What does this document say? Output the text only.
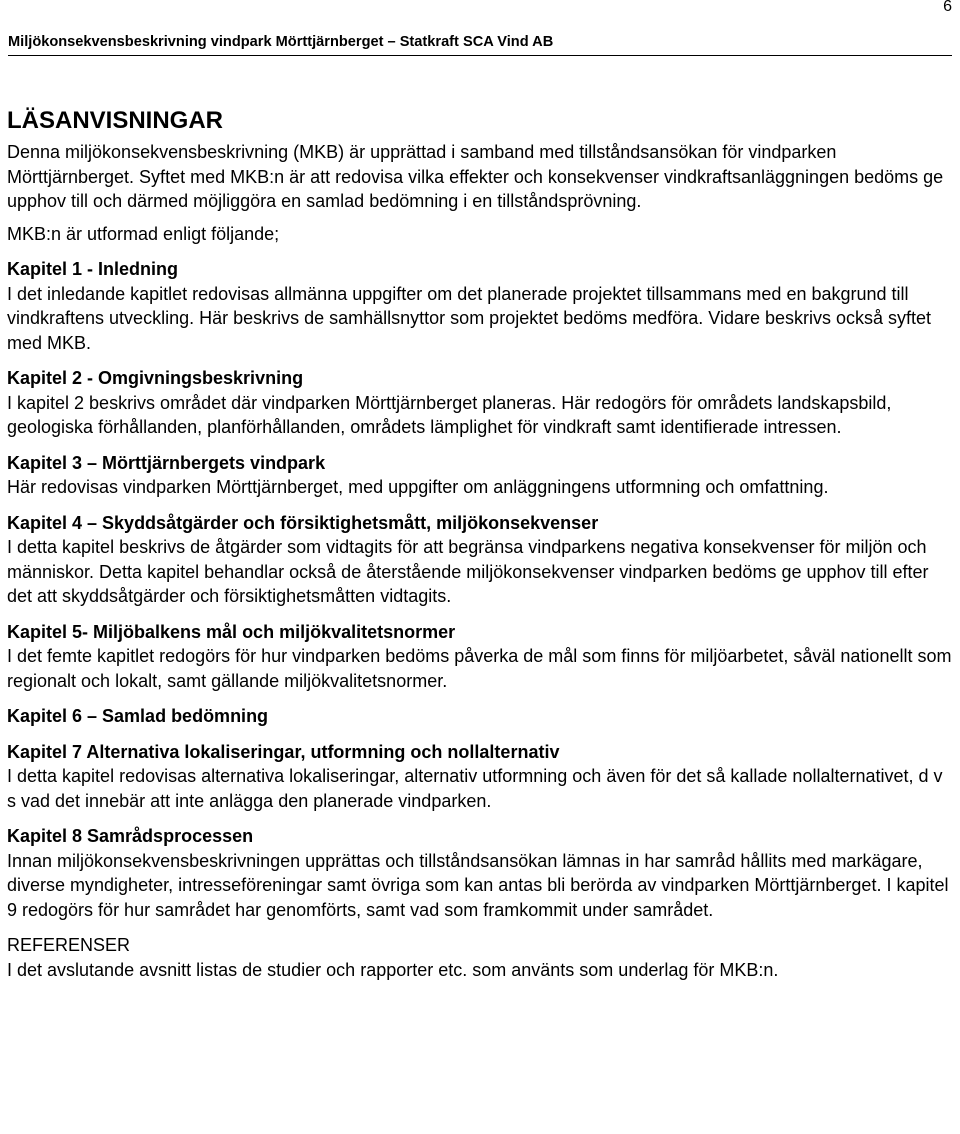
6
Miljökonsekvensbeskrivning vindpark Mörttjärnberget – Statkraft SCA Vind AB
LÄSANVISNINGAR

Denna miljökonsekvensbeskrivning (MKB) är upprättad i samband med tillståndsansökan för vindparken Mörttjärnberget. Syftet med MKB:n är att redovisa vilka effekter och konsekvenser vindkraftsanläggningen bedöms ge upphov till och därmed möjliggöra en samlad bedömning i en tillståndsprövning.

MKB:n är utformad enligt följande;

Kapitel 1 - Inledning

I det inledande kapitlet redovisas allmänna uppgifter om det planerade projektet tillsammans med en bakgrund till vindkraftens utveckling. Här beskrivs de samhällsnyttor som projektet bedöms medföra. Vidare beskrivs också syftet med MKB.

Kapitel 2 - Omgivningsbeskrivning

I kapitel 2 beskrivs området där vindparken Mörttjärnberget planeras. Här redogörs för områdets landskapsbild, geologiska förhållanden, planförhållanden, områdets lämplighet för vindkraft samt identifierade intressen.

Kapitel 3 – Mörttjärnbergets vindpark

Här redovisas vindparken Mörttjärnberget, med uppgifter om anläggningens utformning och omfattning.

Kapitel 4 – Skyddsåtgärder och försiktighetsmått, miljökonsekvenser

I detta kapitel beskrivs de åtgärder som vidtagits för att begränsa vindparkens negativa konsekvenser för miljön och människor. Detta kapitel behandlar också de återstående miljökonsekvenser vindparken bedöms ge upphov till efter det att skyddsåtgärder och försiktighetsmåtten vidtagits.

Kapitel 5- Miljöbalkens mål och miljökvalitetsnormer

I det femte kapitlet redogörs för hur vindparken bedöms påverka de mål som finns för miljöarbetet, såväl nationellt som regionalt och lokalt, samt gällande miljökvalitetsnormer.

Kapitel 6 – Samlad bedömning

Kapitel 7 Alternativa lokaliseringar, utformning och nollalternativ

I detta kapitel redovisas alternativa lokaliseringar, alternativ utformning och även för det så kallade nollalternativet, d v s vad det innebär att inte anlägga den planerade vindparken.

Kapitel 8 Samrådsprocessen

Innan miljökonsekvensbeskrivningen upprättas och tillståndsansökan lämnas in har samråd hållits med markägare, diverse myndigheter, intresseföreningar samt övriga som kan antas bli berörda av vindparken Mörttjärnberget. I kapitel 9 redogörs för hur samrådet har genomförts, samt vad som framkommit under samrådet.

REFERENSER

I det avslutande avsnitt listas de studier och rapporter etc. som använts som underlag för MKB:n.
